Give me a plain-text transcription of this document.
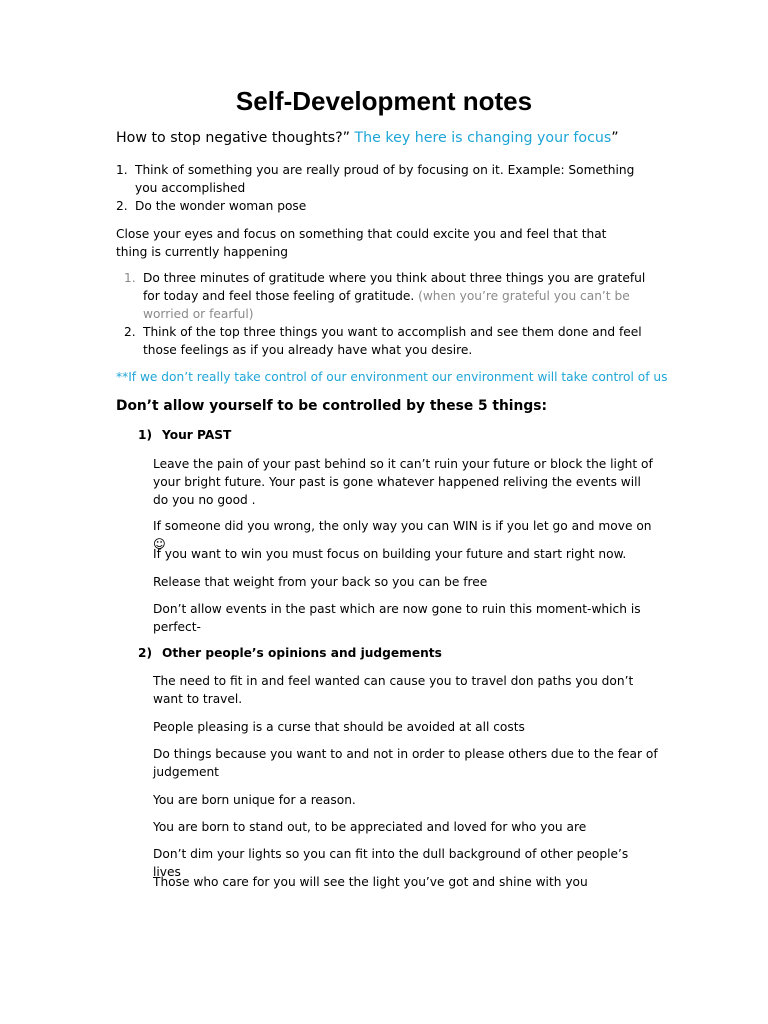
Self-Development notes

How to stop negative thoughts?” The key here is changing your focus”

1. Think of something you are really proud of by focusing on it. Example: Something you accomplished
2. Do the wonder woman pose

Close your eyes and focus on something that could excite you and feel that that thing is currently happening

1. Do three minutes of gratitude where you think about three things you are grateful for today and feel those feeling of gratitude. (when you’re grateful you can’t be worried or fearful)
2. Think of the top three things you want to accomplish and see them done and feel those feelings as if you already have what you desire.

**If we don’t really take control of our environment our environment will take control of us

Don’t allow yourself to be controlled by these 5 things:

1) Your PAST

Leave the pain of your past behind so it can’t ruin your future or block the light of your bright future. Your past is gone whatever happened reliving the events will do you no good .

If someone did you wrong, the only way you can WIN is if you let go and move on ☺

If you want to win you must focus on building your future and start right now.

Release that weight from your back so you can be free

Don’t allow events in the past which are now gone to ruin this moment-which is perfect-

2) Other people’s opinions and judgements

The need to fit in and feel wanted can cause you to travel don paths you don’t want to travel.

People pleasing is a curse that should be avoided at all costs

Do things because you want to and not in order to please others due to the fear of judgement

You are born unique for a reason.

You are born to stand out, to be appreciated and loved for who you are

Don’t dim your lights so you can fit into the dull background of other people’s lives

Those who care for you will see the light you’ve got and shine with you
